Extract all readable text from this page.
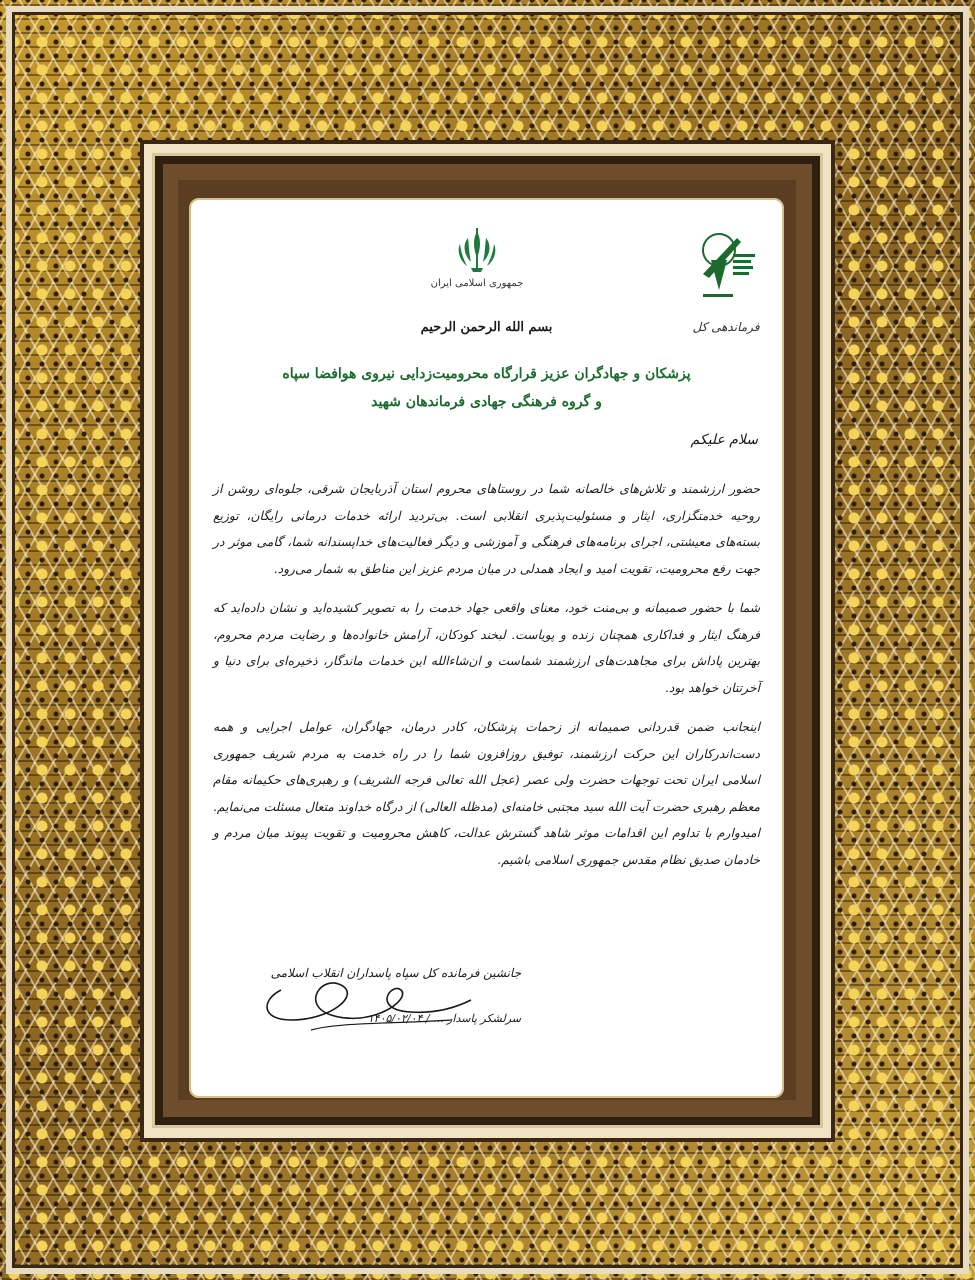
جمهوری اسلامی ایران
فرماندهی کل
بسم الله الرحمن الرحیم
پزشکان و جهادگران عزیز قرارگاه محرومیت‌زدایی نیروی هوافضا سپاه
و گروه فرهنگی جهادی فرماندهان شهید
سلام علیکم

حضور ارزشمند و تلاش‌های خالصانه شما در روستاهای محروم استان آذربایجان شرقی، جلوه‌ای روشن از روحیه خدمتگزاری، ایثار و مسئولیت‌پذیری انقلابی است. بی‌تردید ارائه خدمات درمانی رایگان، توزیع بسته‌های معیشتی، اجرای برنامه‌های فرهنگی و آموزشی و دیگر فعالیت‌های خداپسندانه شما، گامی موثر در جهت رفع محرومیت، تقویت امید و ایجاد همدلی در میان مردم عزیز این مناطق به شمار می‌رود.

شما با حضور صمیمانه و بی‌منت خود، معنای واقعی جهاد خدمت را به تصویر کشیده‌اید و نشان داده‌اید که فرهنگ ایثار و فداکاری همچنان زنده و پویاست. لبخند کودکان، آرامش خانواده‌ها و رضایت مردم محروم، بهترین پاداش برای مجاهدت‌های ارزشمند شماست و ان‌شاءالله این خدمات ماندگار، ذخیره‌ای برای دنیا و آخرتتان خواهد بود.

اینجانب ضمن قدردانی صمیمانه از زحمات پزشکان، کادر درمان، جهادگران، عوامل اجرایی و همه دست‌اندرکاران این حرکت ارزشمند، توفیق روزافزون شما را در راه خدمت به مردم شریف جمهوری اسلامی ایران تحت توجهات حضرت ولی عصر (عجل الله تعالی فرجه الشریف) و رهبری‌های حکیمانه مقام معظم رهبری حضرت آیت الله سید مجتبی خامنه‌ای (مدظله العالی) از درگاه خداوند متعال مسئلت می‌نمایم. امیدوارم با تداوم این اقدامات موثر شاهد گسترش عدالت، کاهش محرومیت و تقویت پیوند میان مردم و خادمان صدیق نظام مقدس جمهوری اسلامی باشیم.

جانشین فرمانده کل سپاه پاسداران انقلاب اسلامی
سرلشکر پاسدار ... / ۱۴۰۵/۰۲/۰۴
